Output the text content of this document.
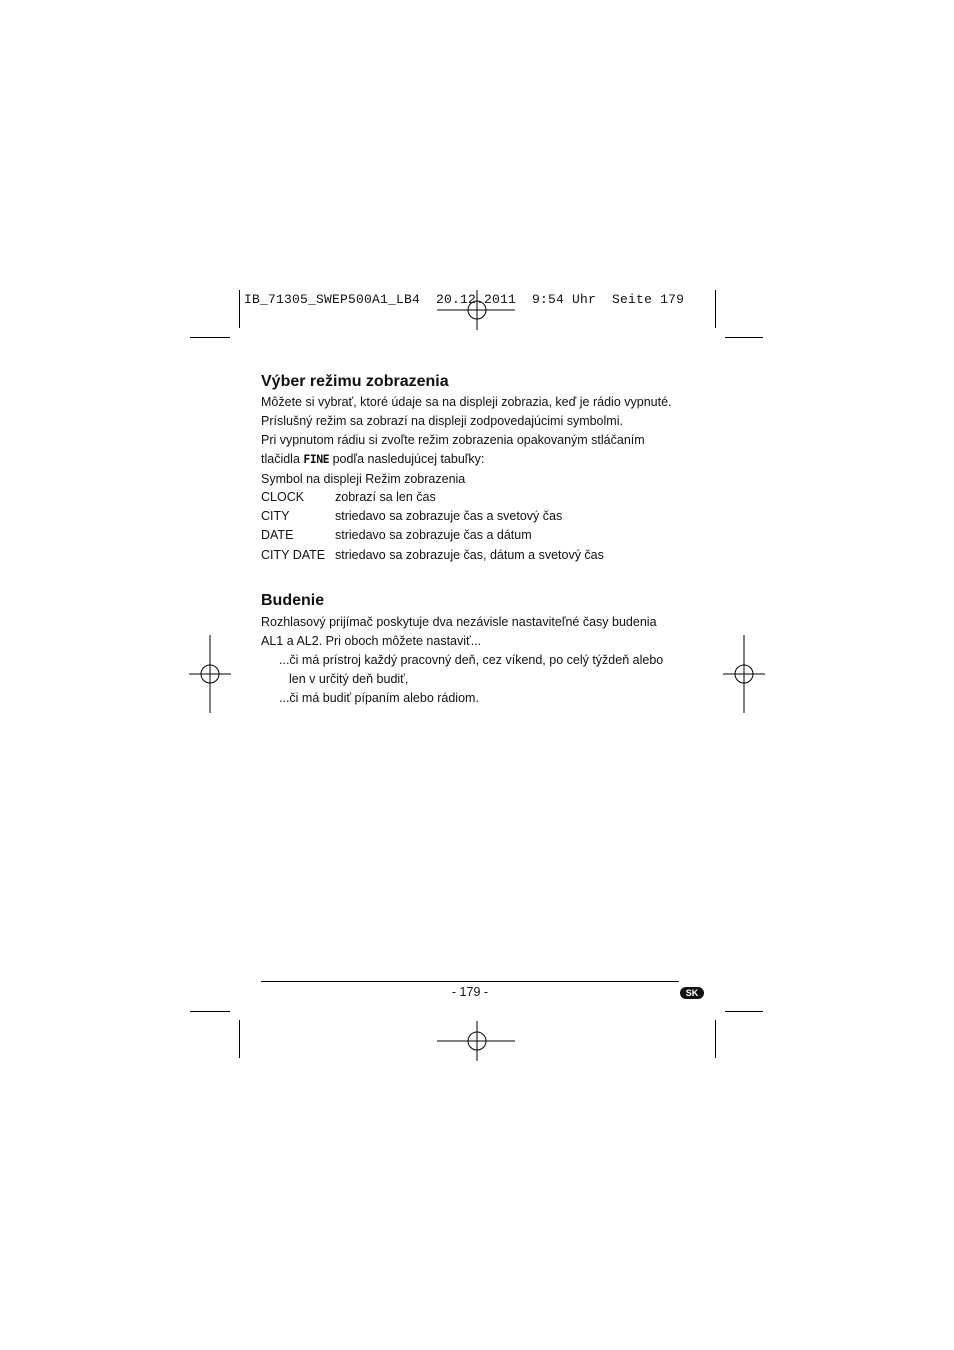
IB_71305_SWEP500A1_LB4  20.12.2011  9:54 Uhr  Seite 179
Výber režimu zobrazenia
Môžete si vybrať, ktoré údaje sa na displeji zobrazia, keď je rádio vypnuté.
Príslušný režim sa zobrazí na displeji zodpovedajúcimi symbolmi.
Pri vypnutom rádiu si zvoľte režim zobrazenia opakovaným stláčaním
tlačidla FINE podľa nasledujúcej tabuľky:
Symbol na displeji Režim zobrazenia
CLOCK zobrazí sa len čas
CITY	striedavo sa zobrazuje čas a svetový čas
DATE	striedavo sa zobrazuje čas a dátum
CITY DATE striedavo sa zobrazuje čas, dátum a svetový čas
Budenie
Rozhlasový prijímač poskytuje dva nezávisle nastaviteľné časy budenia
AL1 a AL2. Pri oboch môžete nastaviť...
...či má prístroj každý pracovný deň, cez víkend, po celý týždeň alebo
len v určitý deň budiť,
...či má budiť pípaním alebo rádiom.
- 179 -	SK
